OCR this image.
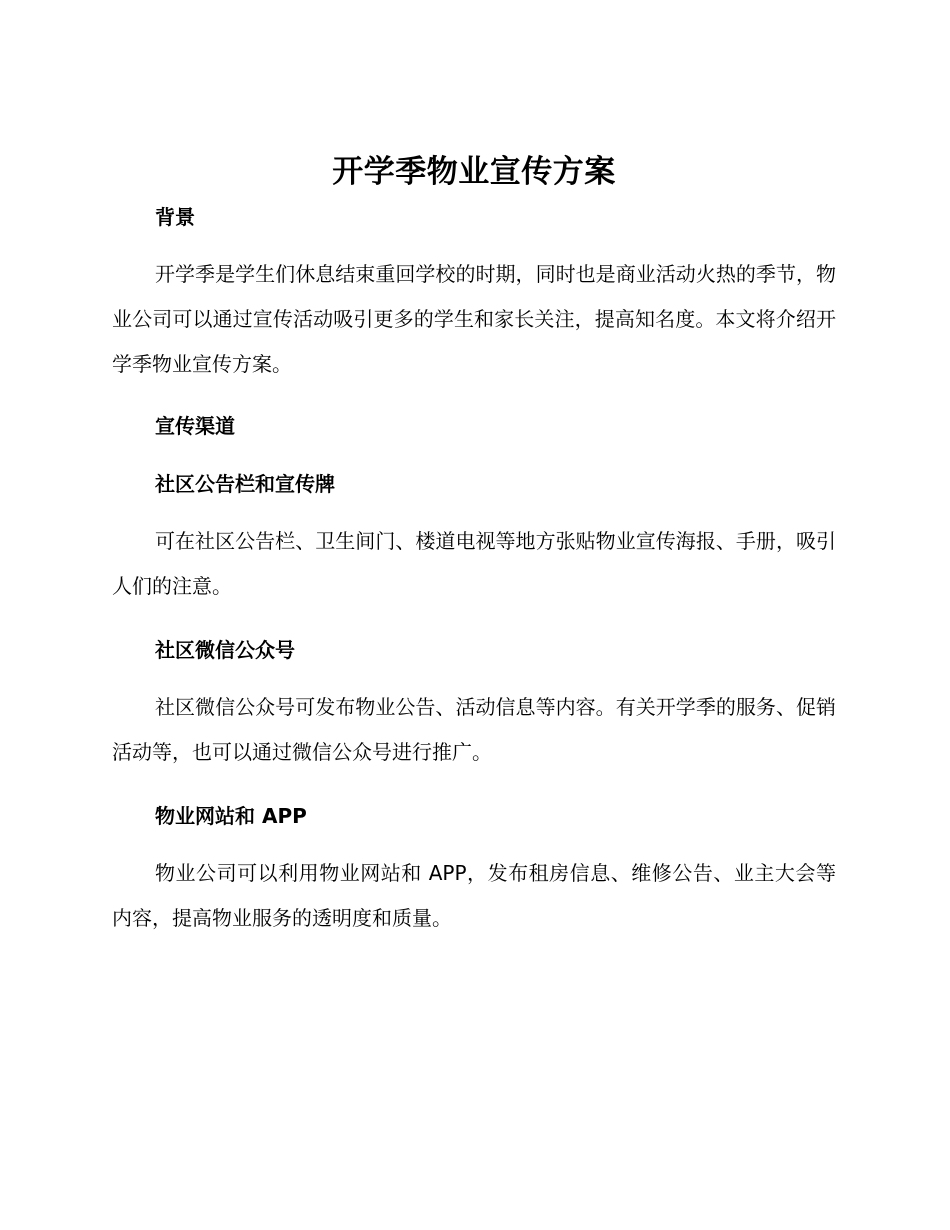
开学季物业宣传方案
背景

开学季是学生们休息结束重回学校的时期，同时也是商业活动火热的季节，物业公司可以通过宣传活动吸引更多的学生和家长关注，提高知名度。本文将介绍开学季物业宣传方案。

宣传渠道
社区公告栏和宣传牌

可在社区公告栏、卫生间门、楼道电视等地方张贴物业宣传海报、手册，吸引人们的注意。

社区微信公众号

社区微信公众号可发布物业公告、活动信息等内容。有关开学季的服务、促销活动等，也可以通过微信公众号进行推广。

物业网站和 APP

物业公司可以利用物业网站和 APP，发布租房信息、维修公告、业主大会等内容，提高物业服务的透明度和质量。
